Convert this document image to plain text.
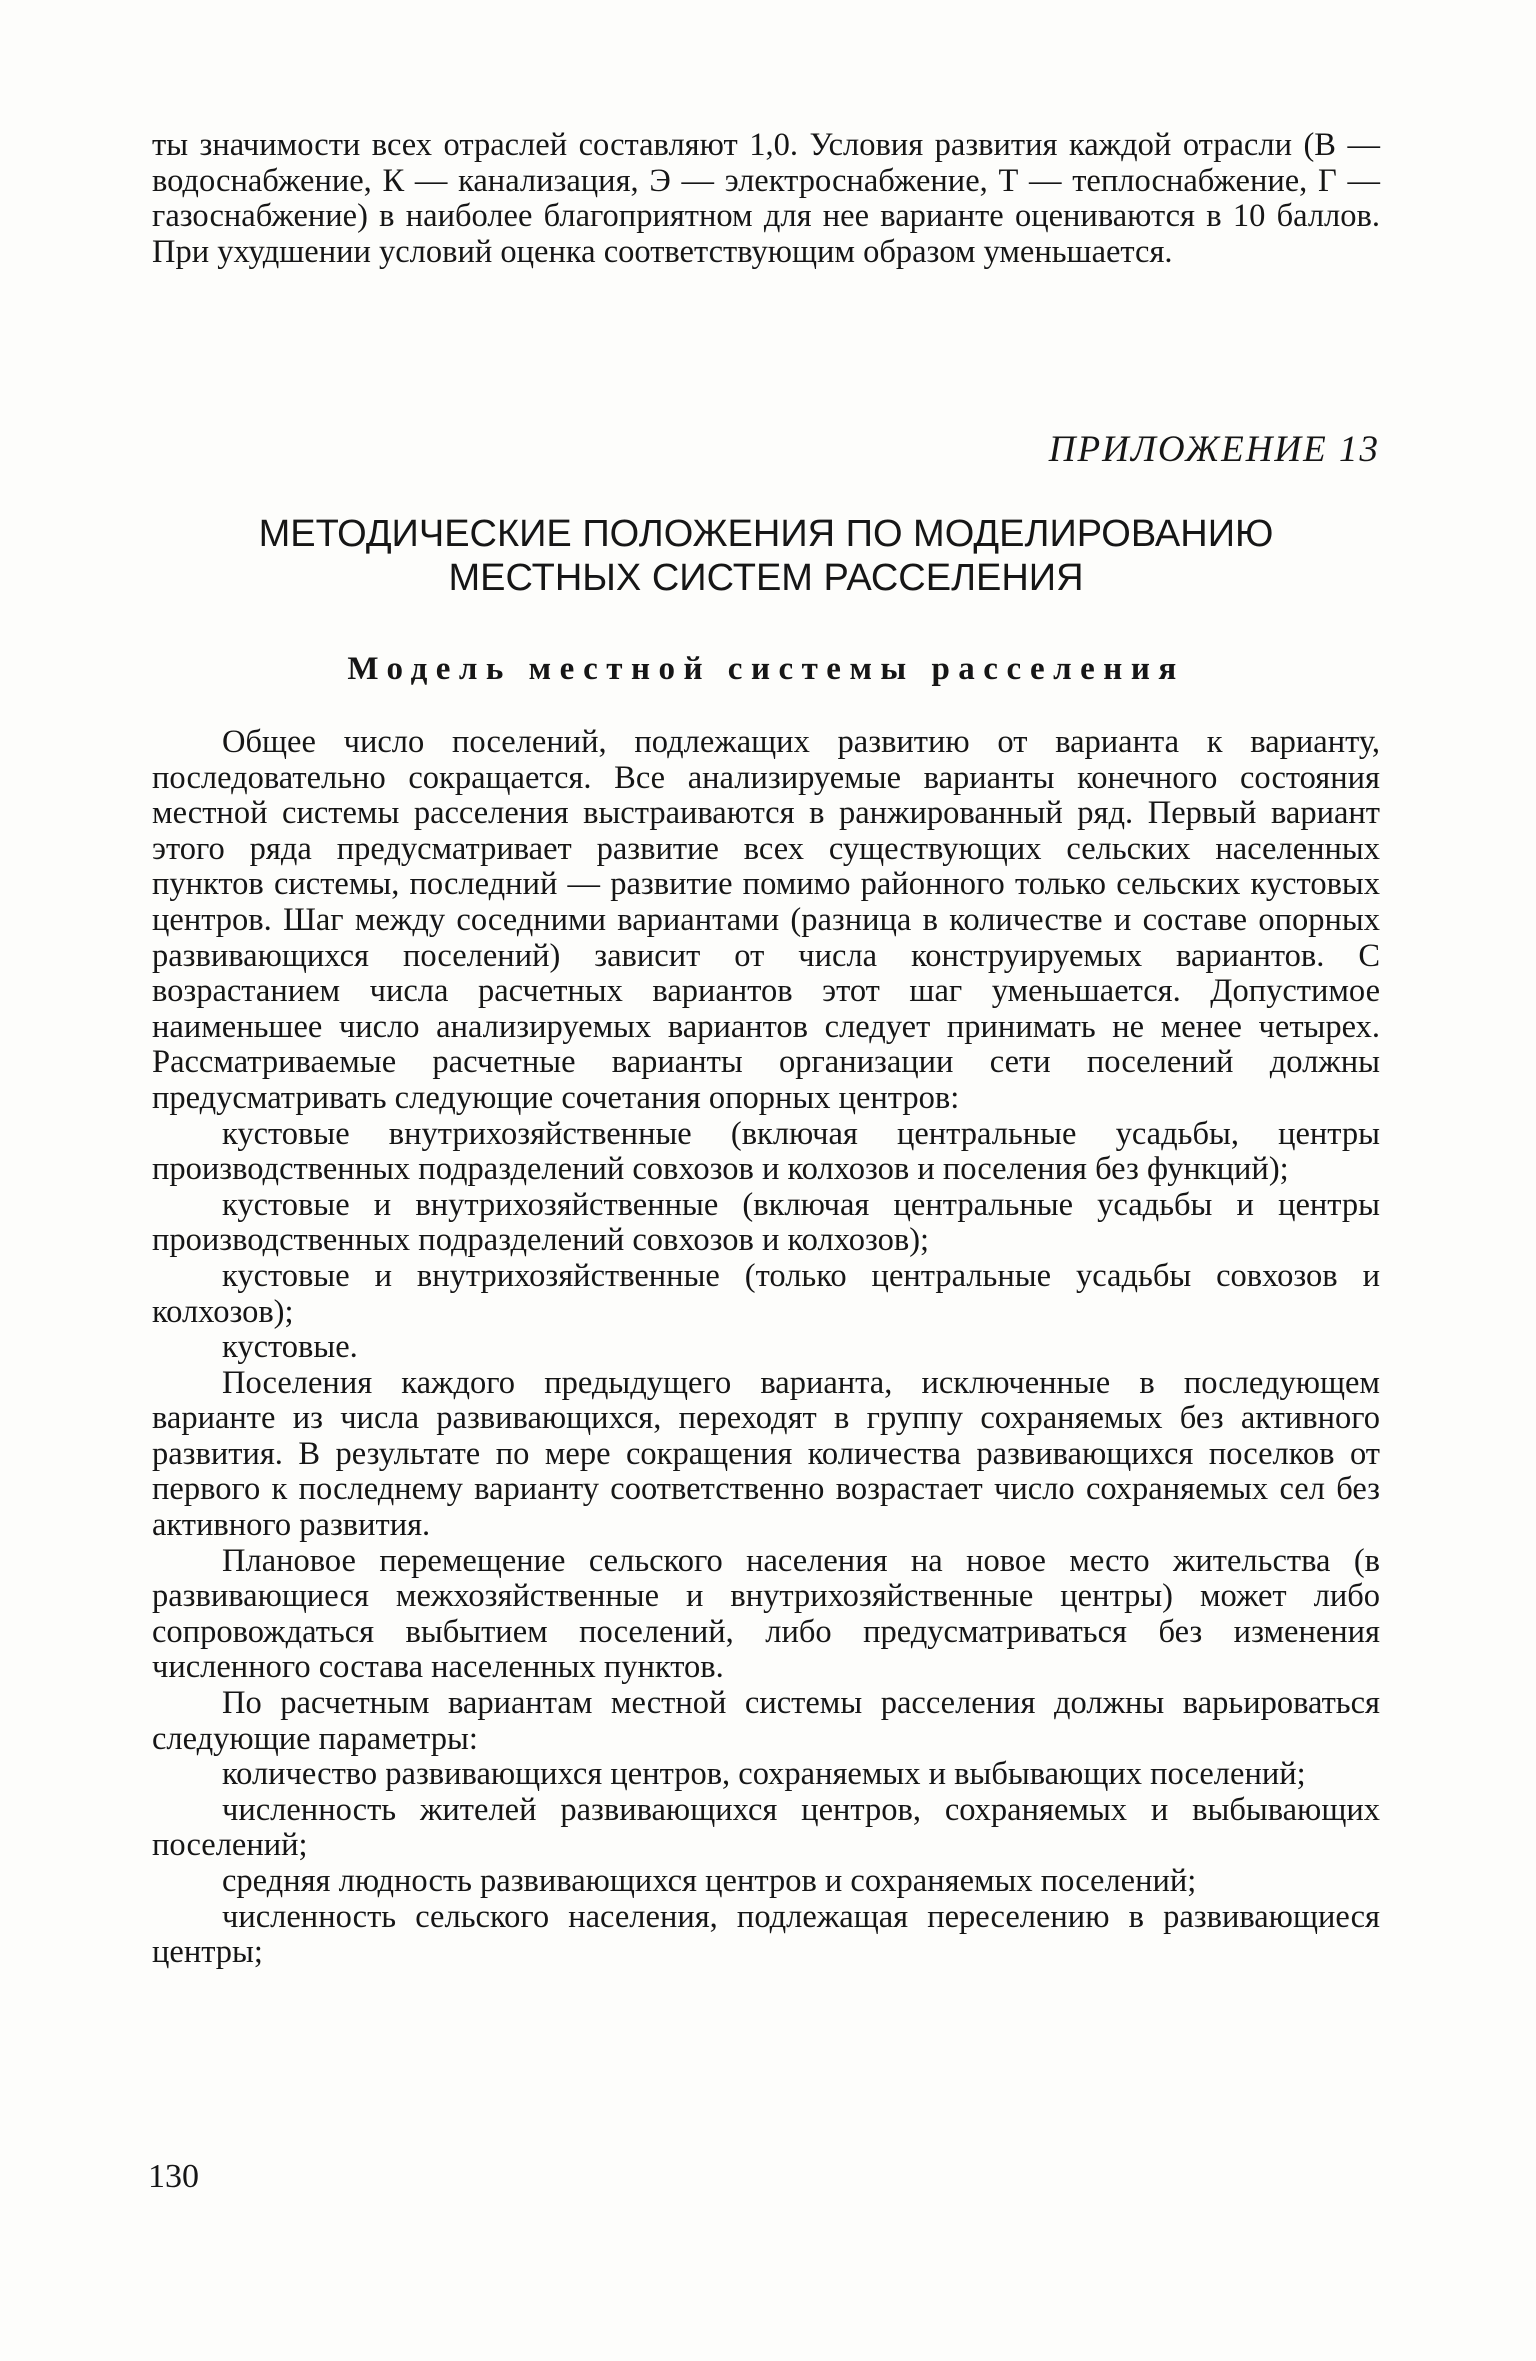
ты значимости всех отраслей составляют 1,0. Условия развития каждой отрасли (В — водоснабжение, К — канализация, Э — электроснабжение, Т — теплоснабжение, Г — газоснабжение) в наиболее благоприятном для нее варианте оцениваются в 10 баллов. При ухудшении условий оценка соответствующим образом уменьшается.

ПРИЛОЖЕНИЕ 13

МЕТОДИЧЕСКИЕ ПОЛОЖЕНИЯ ПО МОДЕЛИРОВАНИЮ
МЕСТНЫХ СИСТЕМ РАССЕЛЕНИЯ
Модель местной системы расселения

Общее число поселений, подлежащих развитию от варианта к варианту, последовательно сокращается. Все анализируемые варианты конечного состояния местной системы расселения выстраиваются в ранжированный ряд. Первый вариант этого ряда предусматривает развитие всех существующих сельских населенных пунктов системы, последний — развитие помимо районного только сельских кустовых центров. Шаг между соседними вариантами (разница в количестве и составе опорных развивающихся поселений) зависит от числа конструируемых вариантов. С возрастанием числа расчетных вариантов этот шаг уменьшается. Допустимое наименьшее число анализируемых вариантов следует принимать не менее четырех. Рассматриваемые расчетные варианты организации сети поселений должны предусматривать следующие сочетания опорных центров:

кустовые внутрихозяйственные (включая центральные усадьбы, центры производственных подразделений совхозов и колхозов и поселения без функций);

кустовые и внутрихозяйственные (включая центральные усадьбы и центры производственных подразделений совхозов и колхозов);

кустовые и внутрихозяйственные (только центральные усадьбы совхозов и колхозов);

кустовые.

Поселения каждого предыдущего варианта, исключенные в последующем варианте из числа развивающихся, переходят в группу сохраняемых без активного развития. В результате по мере сокращения количества развивающихся поселков от первого к последнему варианту соответственно возрастает число сохраняемых сел без активного развития.

Плановое перемещение сельского населения на новое место жительства (в развивающиеся межхозяйственные и внутрихозяйственные центры) может либо сопровождаться выбытием поселений, либо предусматриваться без изменения численного состава населенных пунктов.

По расчетным вариантам местной системы расселения должны варьироваться следующие параметры:

количество развивающихся центров, сохраняемых и выбывающих поселений;

численность жителей развивающихся центров, сохраняемых и выбывающих поселений;

средняя людность развивающихся центров и сохраняемых поселений;

численность сельского населения, подлежащая переселению в развивающиеся центры;

130
